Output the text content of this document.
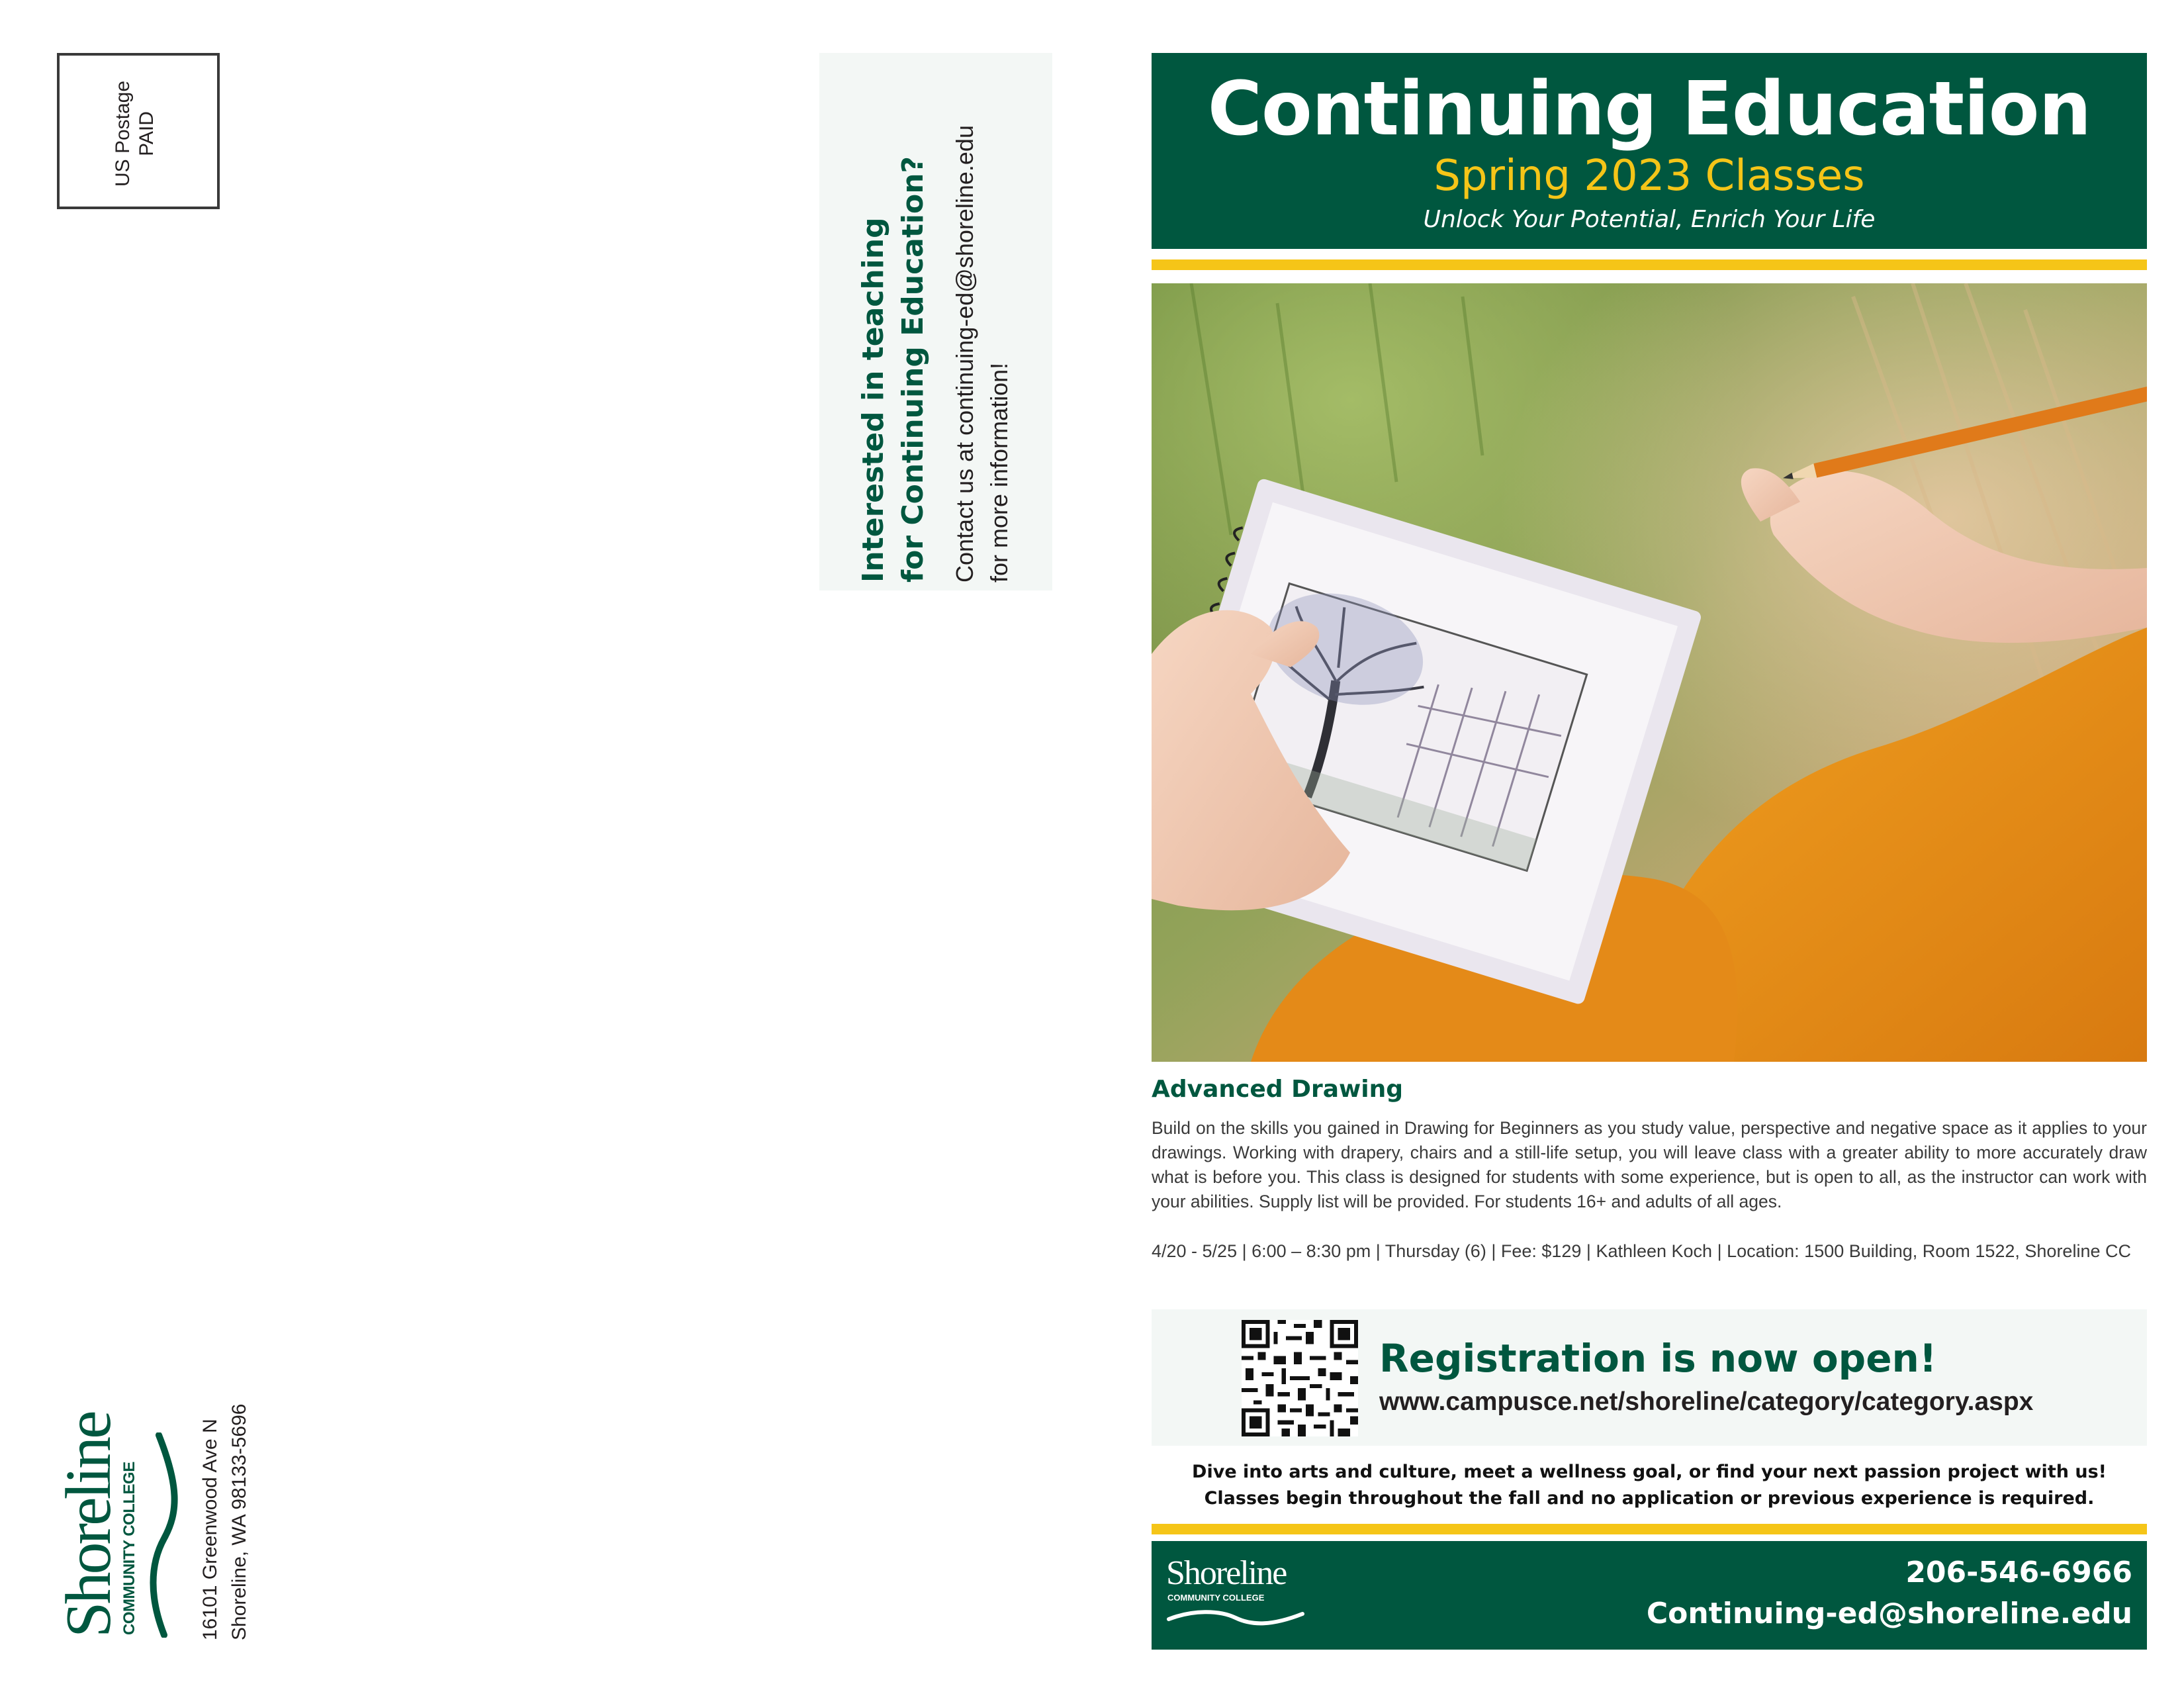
US Postage PAID
Interested in teaching for Continuing Education? Contact us at continuing-ed@shoreline.edu for more information!
Shoreline
COMMUNITY COLLEGE	16101 Greenwood Ave N Shoreline, WA 98133-5696
Continuing Education
Spring 2023 Classes
Unlock Your Potential, Enrich Your Life
Advanced Drawing
Build on the skills you gained in Drawing for Beginners as you study value, perspective and negative space as it applies to your drawings. Working with drapery, chairs and a still-life setup, you will leave class with a greater ability to more accurately draw what is before you. This class is designed for students with some experience, but is open to all, as the instructor can work with your abilities. Supply list will be provided. For students 16+ and adults of all ages.
4/20 - 5/25 | 6:00 – 8:30 pm | Thursday (6) | Fee: $129 | Kathleen Koch | Location: 1500 Building, Room 1522, Shoreline CC
Registration is now open!
www.campusce.net/shoreline/category/category.aspx
Dive into arts and culture, meet a wellness goal, or find your next passion project with us!
Classes begin throughout the fall and no application or previous experience is required.
Shoreline
COMMUNITY COLLEGE
206-546-6966
Continuing-ed@shoreline.edu
